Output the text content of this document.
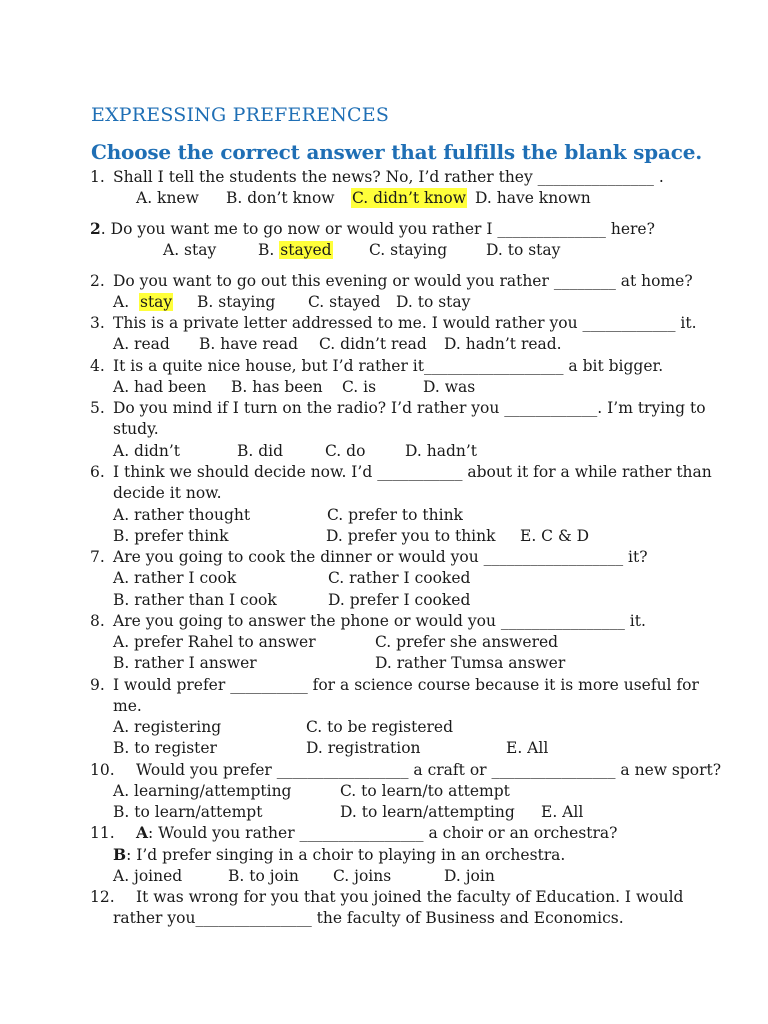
EXPRESSING PREFERENCES
Choose the correct answer that fulfills the blank space.
1. Shall I tell the students the news? No, I’d rather they _______________ .
A. knew B. don’t know C. didn’t know D. have known
2. Do you want me to go now or would you rather I ______________ here?
A. stay	B. stayed C. staying	D. to stay
2. Do you want to go out this evening or would you rather ________ at home?
A. stay B. staying C. stayed D. to stay
3. This is a private letter addressed to me. I would rather you ____________ it.
A. read B. have read C. didn’t read D. hadn’t read.
4. It is a quite nice house, but I’d rather it__________________ a bit bigger.
A. had been B. has been C. is	D. was
5. Do you mind if I turn on the radio? I’d rather you ____________. I’m trying to
study.
A. didn’t	B. did	C. do	D. hadn’t
6. I think we should decide now. I’d ___________ about it for a while rather than
decide it now.
A. rather thought	C. prefer to think
B. prefer think	D. prefer you to think E. C & D
7. Are you going to cook the dinner or would you __________________ it?
A. rather I cook	C. rather I cooked
B. rather than I cook	D. prefer I cooked
8. Are you going to answer the phone or would you ________________ it.
A. prefer Rahel to answer	C. prefer she answered
B. rather I answer	D. rather Tumsa answer
9. I would prefer __________ for a science course because it is more useful for
me.
A. registering	C. to be registered
B. to register	D. registration	E. All
10. Would you prefer _________________ a craft or ________________ a new sport?
A. learning/attempting	C. to learn/to attempt
B. to learn/attempt	D. to learn/attempting E. All
11. A: Would you rather ________________ a choir or an orchestra?
B: I’d prefer singing in a choir to playing in an orchestra.
A. joined	B. to join C. joins	D. join
12. It was wrong for you that you joined the faculty of Education. I would
rather you_______________ the faculty of Business and Economics.
